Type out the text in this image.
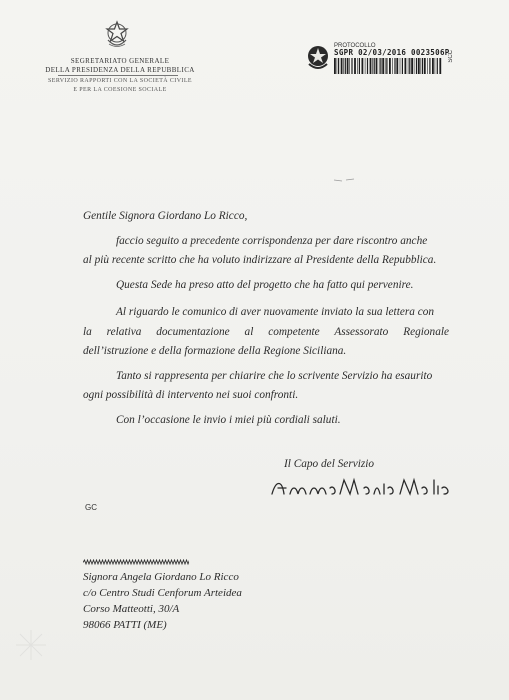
SEGRETARIATO GENERALE
DELLA PRESIDENZA DELLA REPUBBLICA
SERVIZIO RAPPORTI CON LA SOCIETÀ CIVILE
E PER LA COESIONE SOCIALE
PROTOCOLLO
SGPR 02/03/2016 0023506P
SCC
Gentile Signora Giordano Lo Ricco,
faccio seguito a precedente corrispondenza per dare riscontro anche
al più recente scritto che ha voluto indirizzare al Presidente della Repubblica.
Questa Sede ha preso atto del progetto che ha fatto qui pervenire.
Al riguardo le comunico di aver nuovamente inviato la sua lettera con
la relativa documentazione al competente Assessorato Regionale
dell’istruzione e della formazione della Regione Siciliana.
Tanto si rappresenta per chiarire che lo scrivente Servizio ha esaurito
ogni possibilità di intervento nei suoi confronti.
Con l’occasione le invio i miei più cordiali saluti.
Il Capo del Servizio
GC
Signora Angela Giordano Lo Ricco
c/o Centro Studi Cenforum Arteidea
Corso Matteotti, 30/A
98066 PATTI (ME)
